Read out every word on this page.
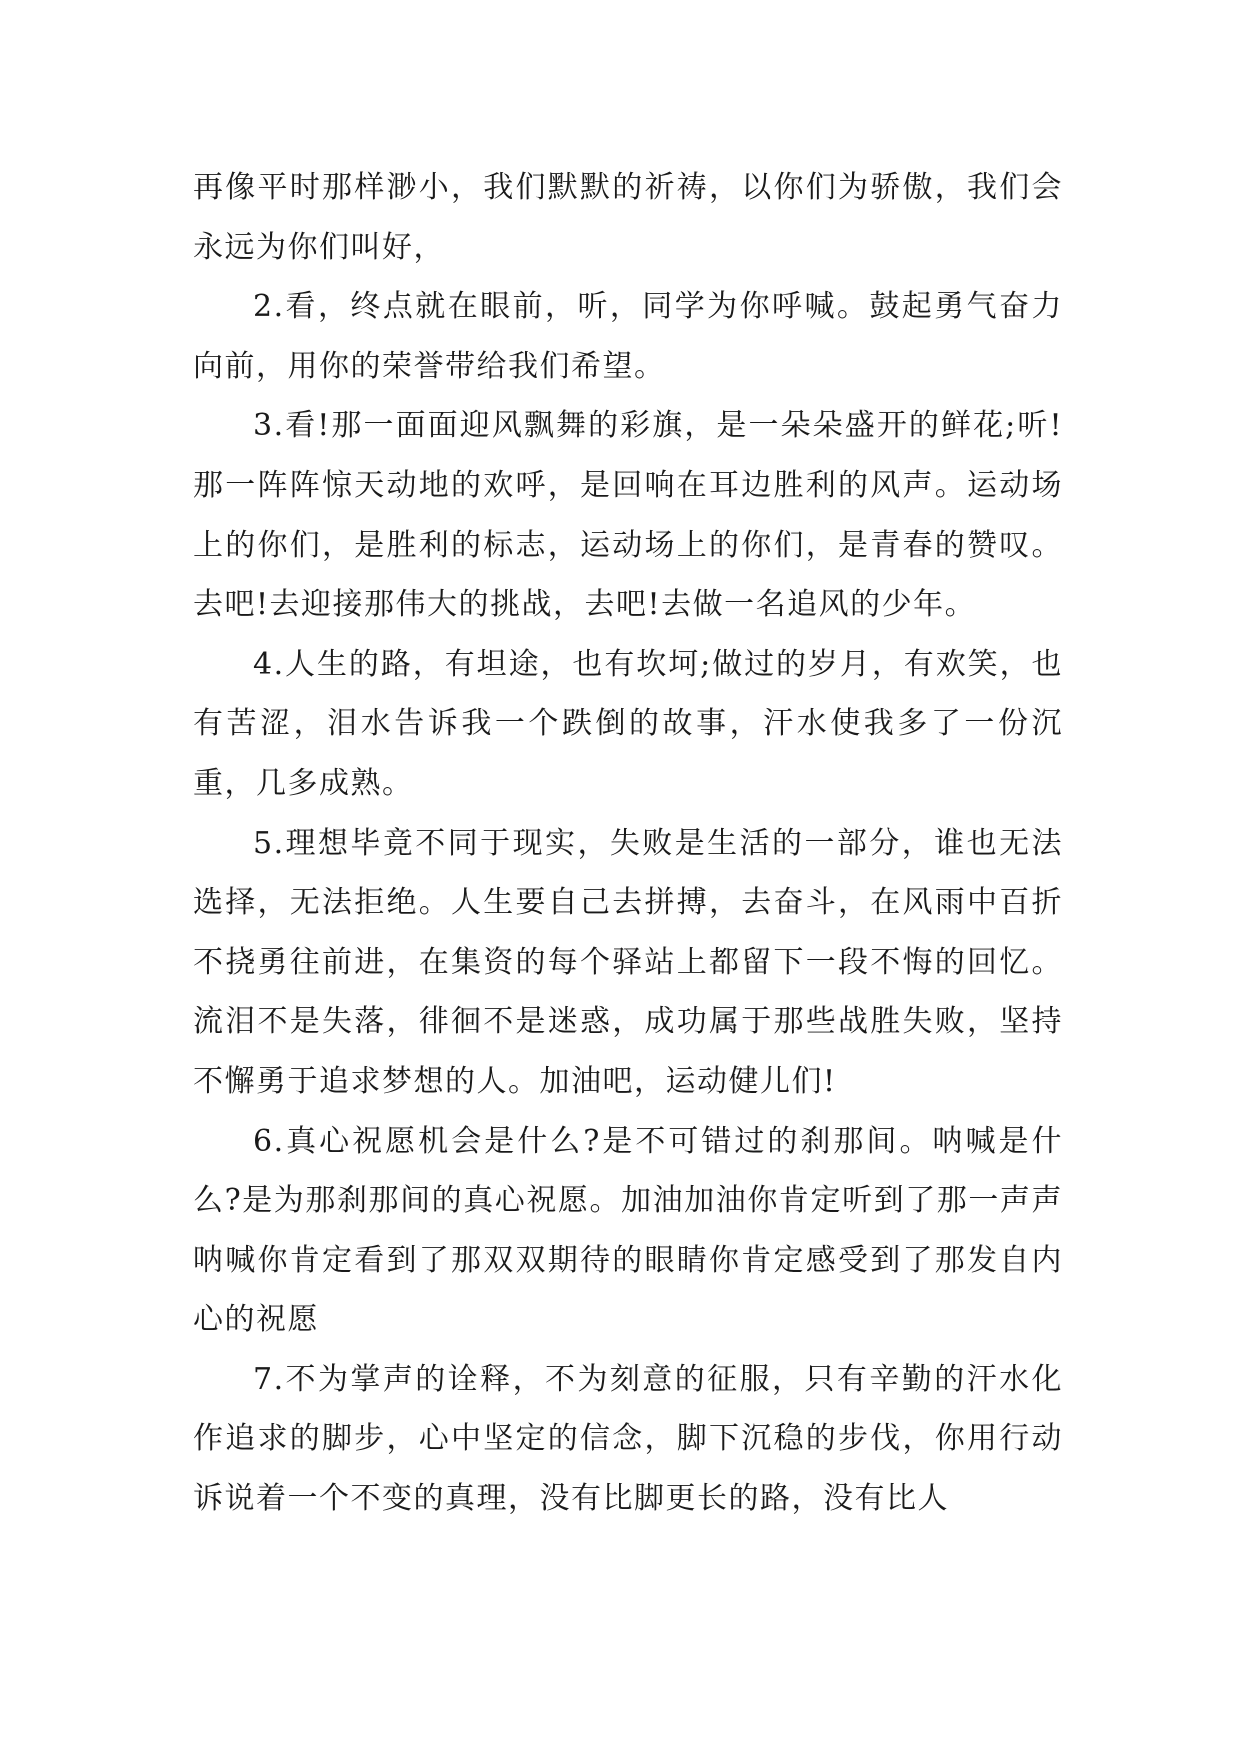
再像平时那样渺小，我们默默的祈祷，以你们为骄傲，我们会永远为你们叫好，

2.看，终点就在眼前，听，同学为你呼喊。鼓起勇气奋力向前，用你的荣誉带给我们希望。

3.看!那一面面迎风飘舞的彩旗，是一朵朵盛开的鲜花;听!那一阵阵惊天动地的欢呼，是回响在耳边胜利的风声。运动场上的你们，是胜利的标志，运动场上的你们，是青春的赞叹。去吧!去迎接那伟大的挑战，去吧!去做一名追风的少年。

4.人生的路，有坦途，也有坎坷;做过的岁月，有欢笑，也有苦涩，泪水告诉我一个跌倒的故事，汗水使我多了一份沉重，几多成熟。

5.理想毕竟不同于现实，失败是生活的一部分，谁也无法选择，无法拒绝。人生要自己去拼搏，去奋斗，在风雨中百折不挠勇往前进，在集资的每个驿站上都留下一段不悔的回忆。流泪不是失落，徘徊不是迷惑，成功属于那些战胜失败，坚持不懈勇于追求梦想的人。加油吧，运动健儿们!

6.真心祝愿机会是什么?是不可错过的刹那间。呐喊是什么?是为那刹那间的真心祝愿。加油加油你肯定听到了那一声声呐喊你肯定看到了那双双期待的眼睛你肯定感受到了那发自内心的祝愿

7.不为掌声的诠释，不为刻意的征服，只有辛勤的汗水化作追求的脚步，心中坚定的信念，脚下沉稳的步伐，你用行动诉说着一个不变的真理，没有比脚更长的路，没有比人
